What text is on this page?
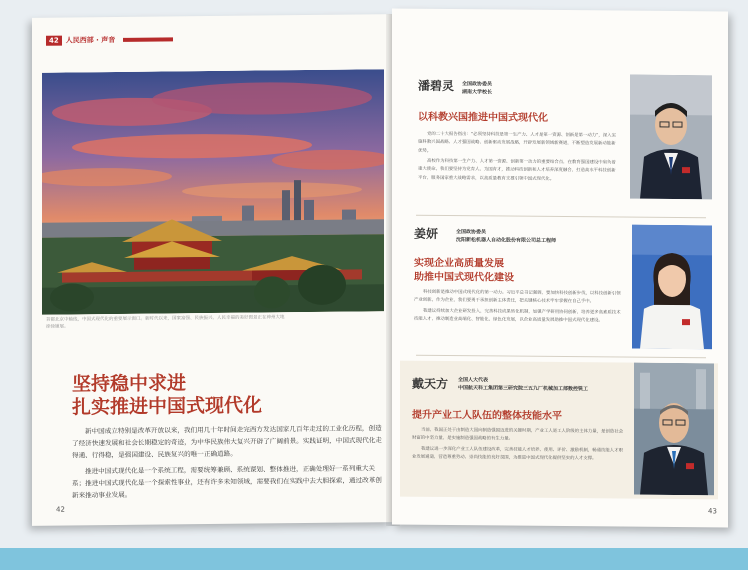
42	人民西部 · 声音
首都北京中轴线，中国式现代化的重要展示窗口。新时代以来，国家富强、民族振兴、人民幸福的美好图景正在神州大地徐徐铺展。
坚持稳中求进
扎实推进中国式现代化

新中国成立特别是改革开放以来，我们用几十年时间走完西方发达国家几百年走过的工业化历程，创造了经济快速发展和社会长期稳定的奇迹，为中华民族伟大复兴开辟了广阔前景。实践证明，中国式现代化走得通、行得稳，是强国建设、民族复兴的唯一正确道路。

推进中国式现代化是一个系统工程，需要统筹兼顾、系统谋划、整体推进，正确处理好一系列重大关系；推进中国式现代化是一个探索性事业，还有许多未知领域，需要我们在实践中去大胆探索，通过改革创新来推动事业发展。

42
潘碧灵 全国政协委员
湖南大学校长
以科教兴国推进中国式现代化

党的二十大报告指出：“必须坚持科技是第一生产力、人才是第一资源、创新是第一动力”，深入实施科教兴国战略、人才强国战略、创新驱动发展战略，开辟发展新领域新赛道，不断塑造发展新动能新优势。

高校作为科技第一生产力、人才第一资源、创新第一动力的重要结合点，在教育强国建设中肩负着重大使命。我们要坚持为党育人、为国育才，推动科技创新和人才培养深度融合，打造高水平科技创新平台，服务国家重大战略需求，以高质量教育支撑引领中国式现代化。

姜妍	全国政协委员
沈阳新松机器人自动化股份有限公司总工程师
实现企业高质量发展
助推中国式现代化建设

科技创新是推动中国式现代化的第一动力。习近平总书记强调，要加快科技创新步伐，以科技创新引领产业创新。作为企业，我们要勇于承担创新主体责任，把关键核心技术牢牢掌握在自己手中。

我建议持续加大企业研发投入，完善科技成果转化机制，加强产学研用协同创新，培养更多高素质技术技能人才，推动制造业高端化、智能化、绿色化发展，以企业高质量发展助推中国式现代化建设。

戴天方 全国人大代表
中国航天科工集团第三研究院三五九厂机械加工部数控铣工
提升产业工人队伍的整体技能水平

当前，我国正处于由制造大国向制造强国迈进的关键时期，产业工人是工人阶级的主体力量，是创造社会财富的中坚力量，是实施制造强国战略的有生力量。

我建议进一步深化产业工人队伍建设改革，完善技能人才培养、使用、评价、激励机制，畅通技能人才职业发展通道，营造尊重劳动、崇尚技能的良好氛围，为推进中国式现代化提供坚实的人才支撑。

43
